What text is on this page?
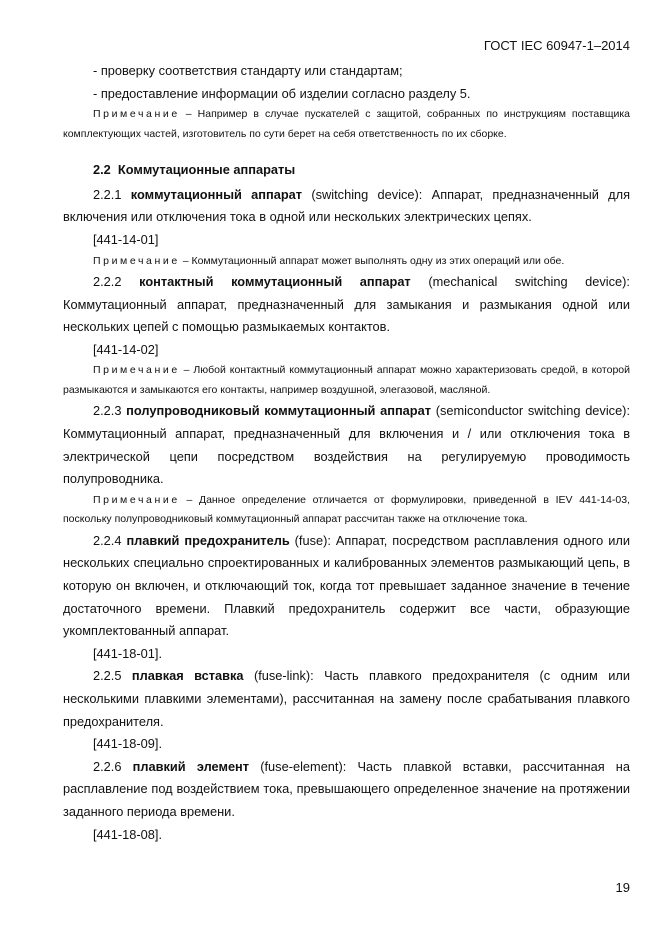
ГОСТ IEC 60947-1–2014

- проверку соответствия стандарту или стандартам;

- предоставление информации об изделии согласно разделу 5.

Примечание – Например в случае пускателей с защитой, собранных по инструкциям поставщика комплектующих частей, изготовитель по сути берет на себя ответственность по их сборке.

2.2 Коммутационные аппараты

2.2.1 коммутационный аппарат (switching device): Аппарат, предназначенный для включения или отключения тока в одной или нескольких электрических цепях.

[441-14-01]

Примечание – Коммутационный аппарат может выполнять одну из этих операций или обе.

2.2.2 контактный коммутационный аппарат (mechanical switching device): Коммутационный аппарат, предназначенный для замыкания и размыкания одной или нескольких цепей с помощью размыкаемых контактов.

[441-14-02]

Примечание – Любой контактный коммутационный аппарат можно характеризовать средой, в которой размыкаются и замыкаются его контакты, например воздушной, элегазовой, масляной.

2.2.3 полупроводниковый коммутационный аппарат (semiconductor switching device): Коммутационный аппарат, предназначенный для включения и / или отключения тока в электрической цепи посредством воздействия на регулируемую проводимость полупроводника.

Примечание – Данное определение отличается от формулировки, приведенной в IEV 441-14-03, поскольку полупроводниковый коммутационный аппарат рассчитан также на отключение тока.

2.2.4 плавкий предохранитель (fuse): Аппарат, посредством расплавления одного или нескольких специально спроектированных и калиброванных элементов размыкающий цепь, в которую он включен, и отключающий ток, когда тот превышает заданное значение в течение достаточного времени. Плавкий предохранитель содержит все части, образующие укомплектованный аппарат.

[441-18-01].

2.2.5 плавкая вставка (fuse-link): Часть плавкого предохранителя (с одним или несколькими плавкими элементами), рассчитанная на замену после срабатывания плавкого предохранителя.

[441-18-09].

2.2.6 плавкий элемент (fuse-element): Часть плавкой вставки, рассчитанная на расплавление под воздействием тока, превышающего определенное значение на протяжении заданного периода времени.

[441-18-08].

19
